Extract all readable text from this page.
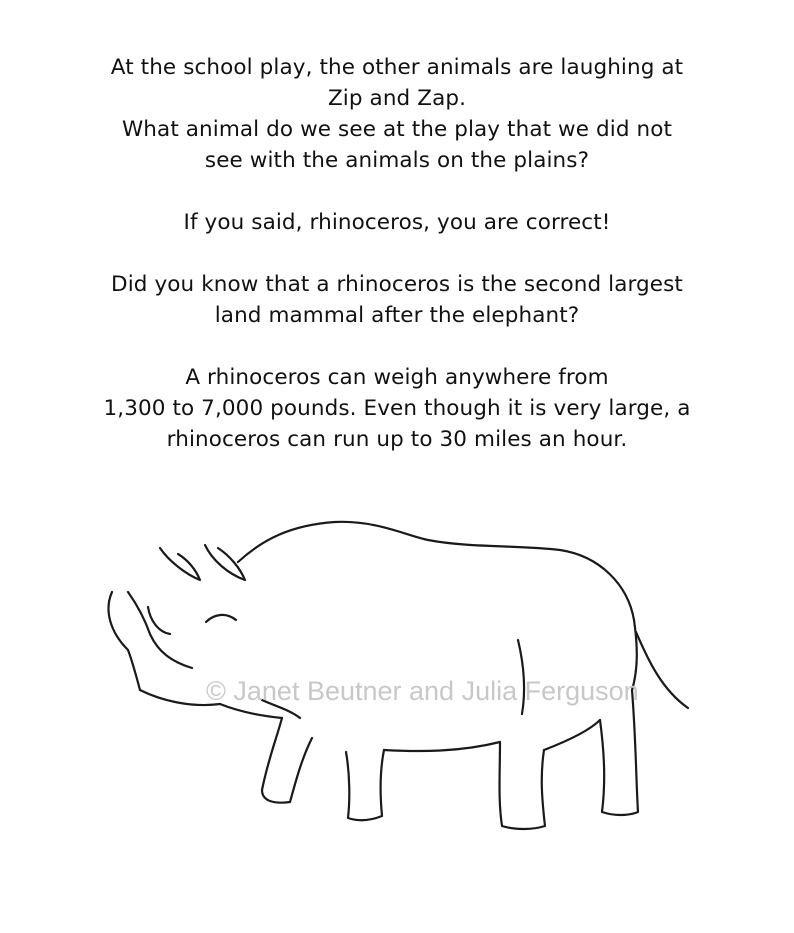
At the school play, the other animals are laughing at
Zip and Zap.
What animal do we see at the play that we did not
see with the animals on the plains?

If you said, rhinoceros, you are correct!

Did you know that a rhinoceros is the second largest
land mammal after the elephant?

A rhinoceros can weigh anywhere from
1,300 to 7,000 pounds. Even though it is very large, a
rhinoceros can run up to 30 miles an hour.

© Janet Beutner and Julia Ferguson
